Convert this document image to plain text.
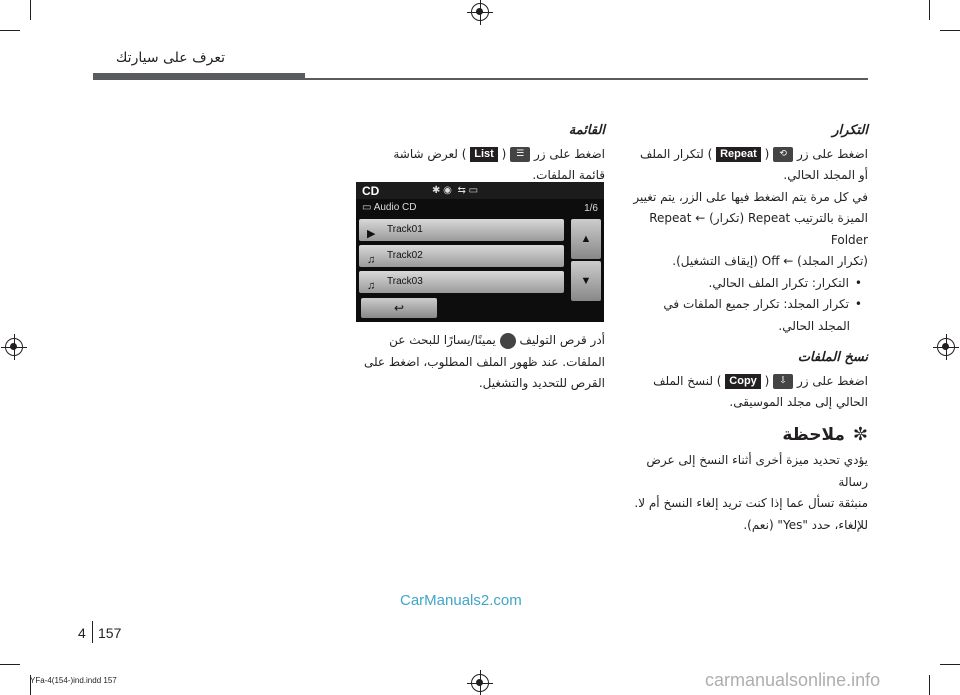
تعرف على سيارتك
التكرار
اضغط على زر ⟲ ( Repeat ) لتكرار الملف
أو المجلد الحالي.
في كل مرة يتم الضغط فيها على الزر، يتم تغيير
الميزة بالترتيب Repeat (تكرار) ← Repeat Folder
(تكرار المجلد) ← Off (إيقاف التشغيل).
• التكرار: تكرار الملف الحالي.
• تكرار المجلد: تكرار جميع الملفات في
المجلد الحالي.
نسخ الملفات
اضغط على زر ⇩ ( Copy ) لنسخ الملف
الحالي إلى مجلد الموسيقى.
✼ملاحظة
يؤدي تحديد ميزة أخرى أثناء النسخ إلى عرض رسالة
منبثقة تسأل عما إذا كنت تريد إلغاء النسخ أم لا.
للإلغاء، حدد "Yes" (نعم).
القائمة
اضغط على زر ☰ ( List ) لعرض شاشة
قائمة الملفات.
CD	✱ ◉  ⇆ ▭
▭ Audio CD	1/6
▶ Track01
♫ Track02
♫ Track03
▲
▼
↩
أدر قرص التوليف  يمينًا/يسارًا للبحث عن
الملفات. عند ظهور الملف المطلوب، اضغط على
القرص للتحديد والتشغيل.
CarManuals2.com
4 157
YFa-4(154-)ind.indd 157	carmanualsonline.info
